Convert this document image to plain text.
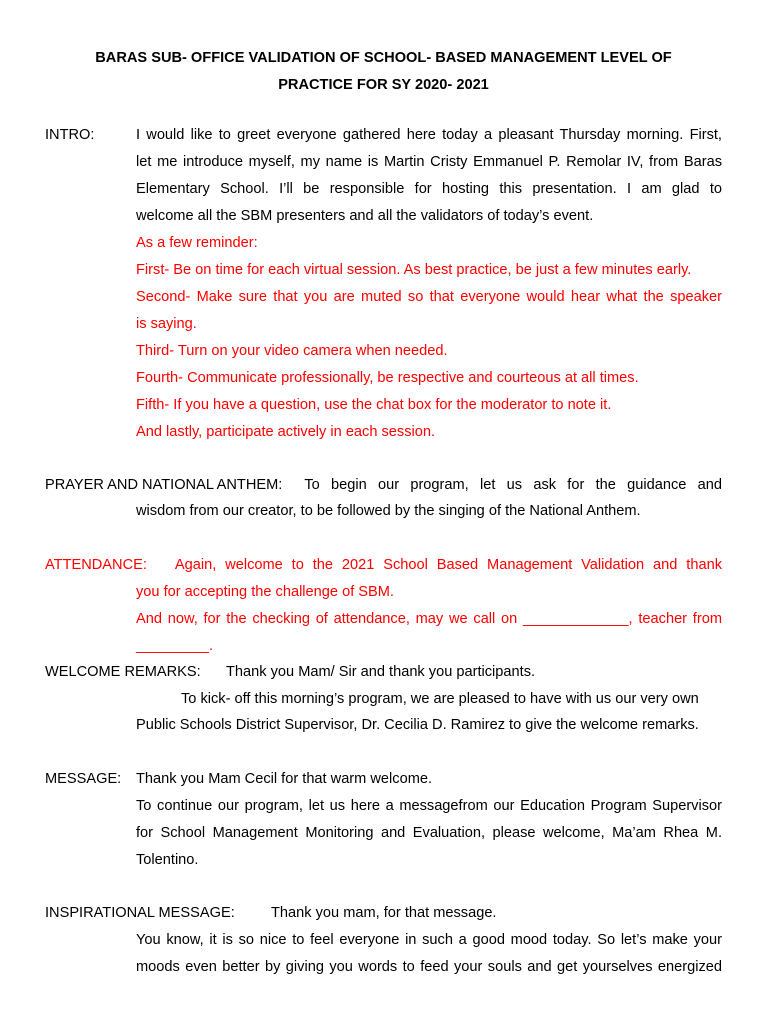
BARAS SUB- OFFICE VALIDATION OF SCHOOL- BASED MANAGEMENT LEVEL OF
PRACTICE FOR SY 2020- 2021
INTRO:	I would like to greet everyone gathered here today a pleasant Thursday morning. First,
let me introduce myself, my name is Martin Cristy Emmanuel P. Remolar IV, from Baras
Elementary School. I’ll be responsible for hosting this presentation. I am glad to
welcome all the SBM presenters and all the validators of today’s event.
As a few reminder:
First- Be on time for each virtual session. As best practice, be just a few minutes early.
Second- Make sure that you are muted so that everyone would hear what the speaker
is saying.
Third- Turn on your video camera when needed.
Fourth- Communicate professionally, be respective and courteous at all times.
Fifth- If you have a question, use the chat box for the moderator to note it.
And lastly, participate actively in each session.
PRAYER AND NATIONAL ANTHEM: To begin our program, let us ask for the guidance and
wisdom from our creator, to be followed by the singing of the National Anthem.
ATTENDANCE: Again, welcome to the 2021 School Based Management Validation and thank
you for accepting the challenge of SBM.
And now, for the checking of attendance, may we call on _____________, teacher from
_________.
WELCOME REMARKS: Thank you Mam/ Sir and thank you participants.
To kick- off this morning’s program, we are pleased to have with us our very own
Public Schools District Supervisor, Dr. Cecilia D. Ramirez to give the welcome remarks.
MESSAGE: Thank you Mam Cecil for that warm welcome.
To continue our program, let us here a messagefrom our Education Program Supervisor
for School Management Monitoring and Evaluation, please welcome, Ma’am Rhea M.
Tolentino.
INSPIRATIONAL MESSAGE: Thank you mam, for that message.
You know, it is so nice to feel everyone in such a good mood today. So let’s make your
moods even better by giving you words to feed your souls and get yourselves energized
